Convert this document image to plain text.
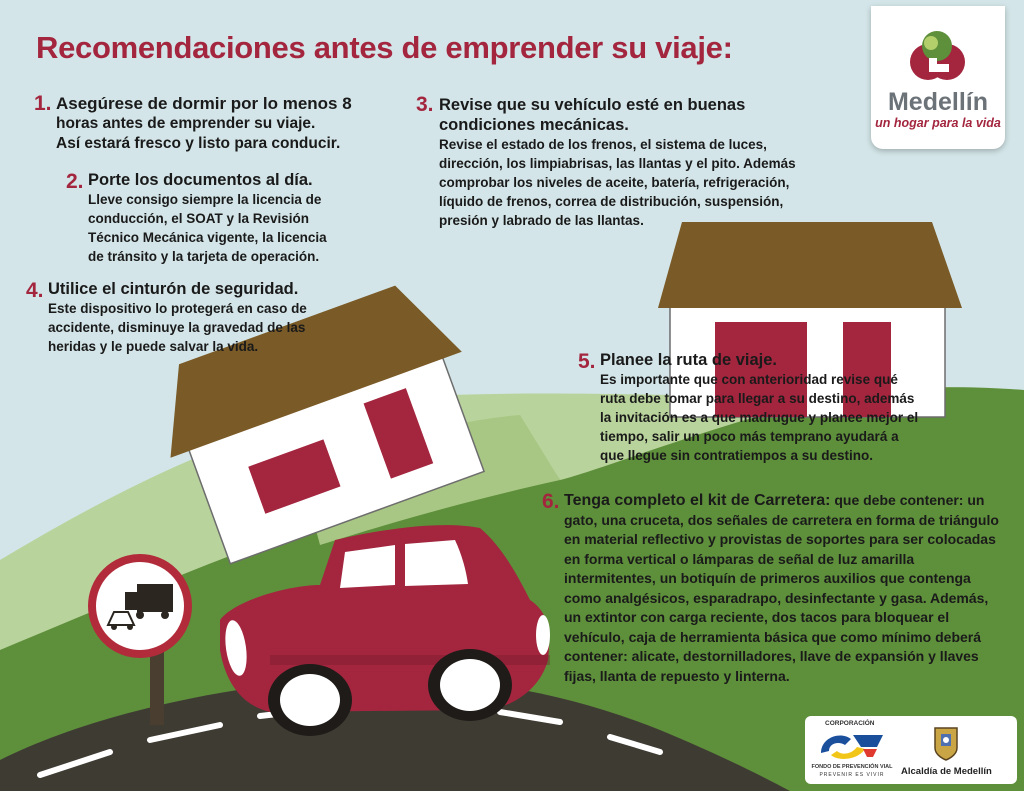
Recomendaciones antes de emprender su viaje:
Medellín
un hogar para la vida
1. Asegúrese de dormir por lo menos 8
horas antes de emprender su viaje.
Así estará fresco y listo para conducir.
2. Porte los documentos al día.
Lleve consigo siempre la licencia de
conducción, el SOAT y la Revisión
Técnico Mecánica vigente, la licencia
de tránsito y la tarjeta de operación.
3. Revise que su vehículo esté en buenas
condiciones mecánicas.
Revise el estado de los frenos, el sistema de luces,
dirección, los limpiabrisas, las llantas y el pito. Además
comprobar los niveles de aceite, batería, refrigeración,
líquido de frenos, correa de distribución, suspensión,
presión y labrado de las llantas.
4. Utilice el cinturón de seguridad.
Este dispositivo lo protegerá en caso de
accidente, disminuye la gravedad de las
heridas y le puede salvar la vida.
5. Planee la ruta de viaje.
Es importante que con anterioridad revise qué
ruta debe tomar para llegar a su destino, además
la invitación es a que madrugue y planee mejor el
tiempo, salir un poco más temprano ayudará a
que llegue sin contratiempos a su destino.
6. Tenga completo el kit de Carretera: que debe contener: un
gato, una cruceta, dos señales de carretera en forma de triángulo
en material reflectivo y provistas de soportes para ser colocadas
en forma vertical o lámparas de señal de luz amarilla
intermitentes, un botiquín de primeros auxilios que contenga
como analgésicos, esparadrapo, desinfectante y gasa. Además,
un extintor con carga reciente, dos tacos para bloquear el
vehículo, caja de herramienta básica que como mínimo deberá
contener: alicate, destornilladores, llave de expansión y llaves
fijas, llanta de repuesto y linterna.
CORPORACIÓN
FONDO DE PREVENCIÓN VIAL
PREVENIR ES VIVIR	Alcaldía de Medellín
